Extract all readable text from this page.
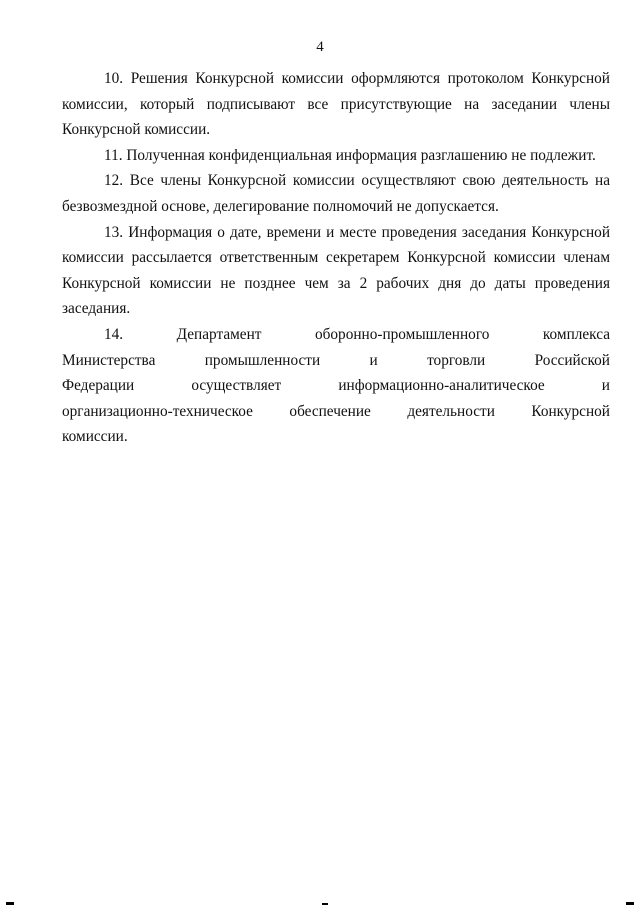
4

10. Решения Конкурсной комиссии оформляются протоколом Конкурсной комиссии, который подписывают все присутствующие на заседании члены Конкурсной комиссии.

11. Полученная конфиденциальная информация разглашению не подлежит.

12. Все члены Конкурсной комиссии осуществляют свою деятельность на безвозмездной основе, делегирование полномочий не допускается.

13. Информация о дате, времени и месте проведения заседания Конкурсной комиссии рассылается ответственным секретарем Конкурсной комиссии членам Конкурсной комиссии не позднее чем за 2 рабочих дня до даты проведения заседания.

14. Департамент оборонно-промышленного комплекса Министерства промышленности и торговли Российской Федерации осуществляет информационно-аналитическое и организационно-техническое обеспечение деятельности Конкурсной комиссии.
